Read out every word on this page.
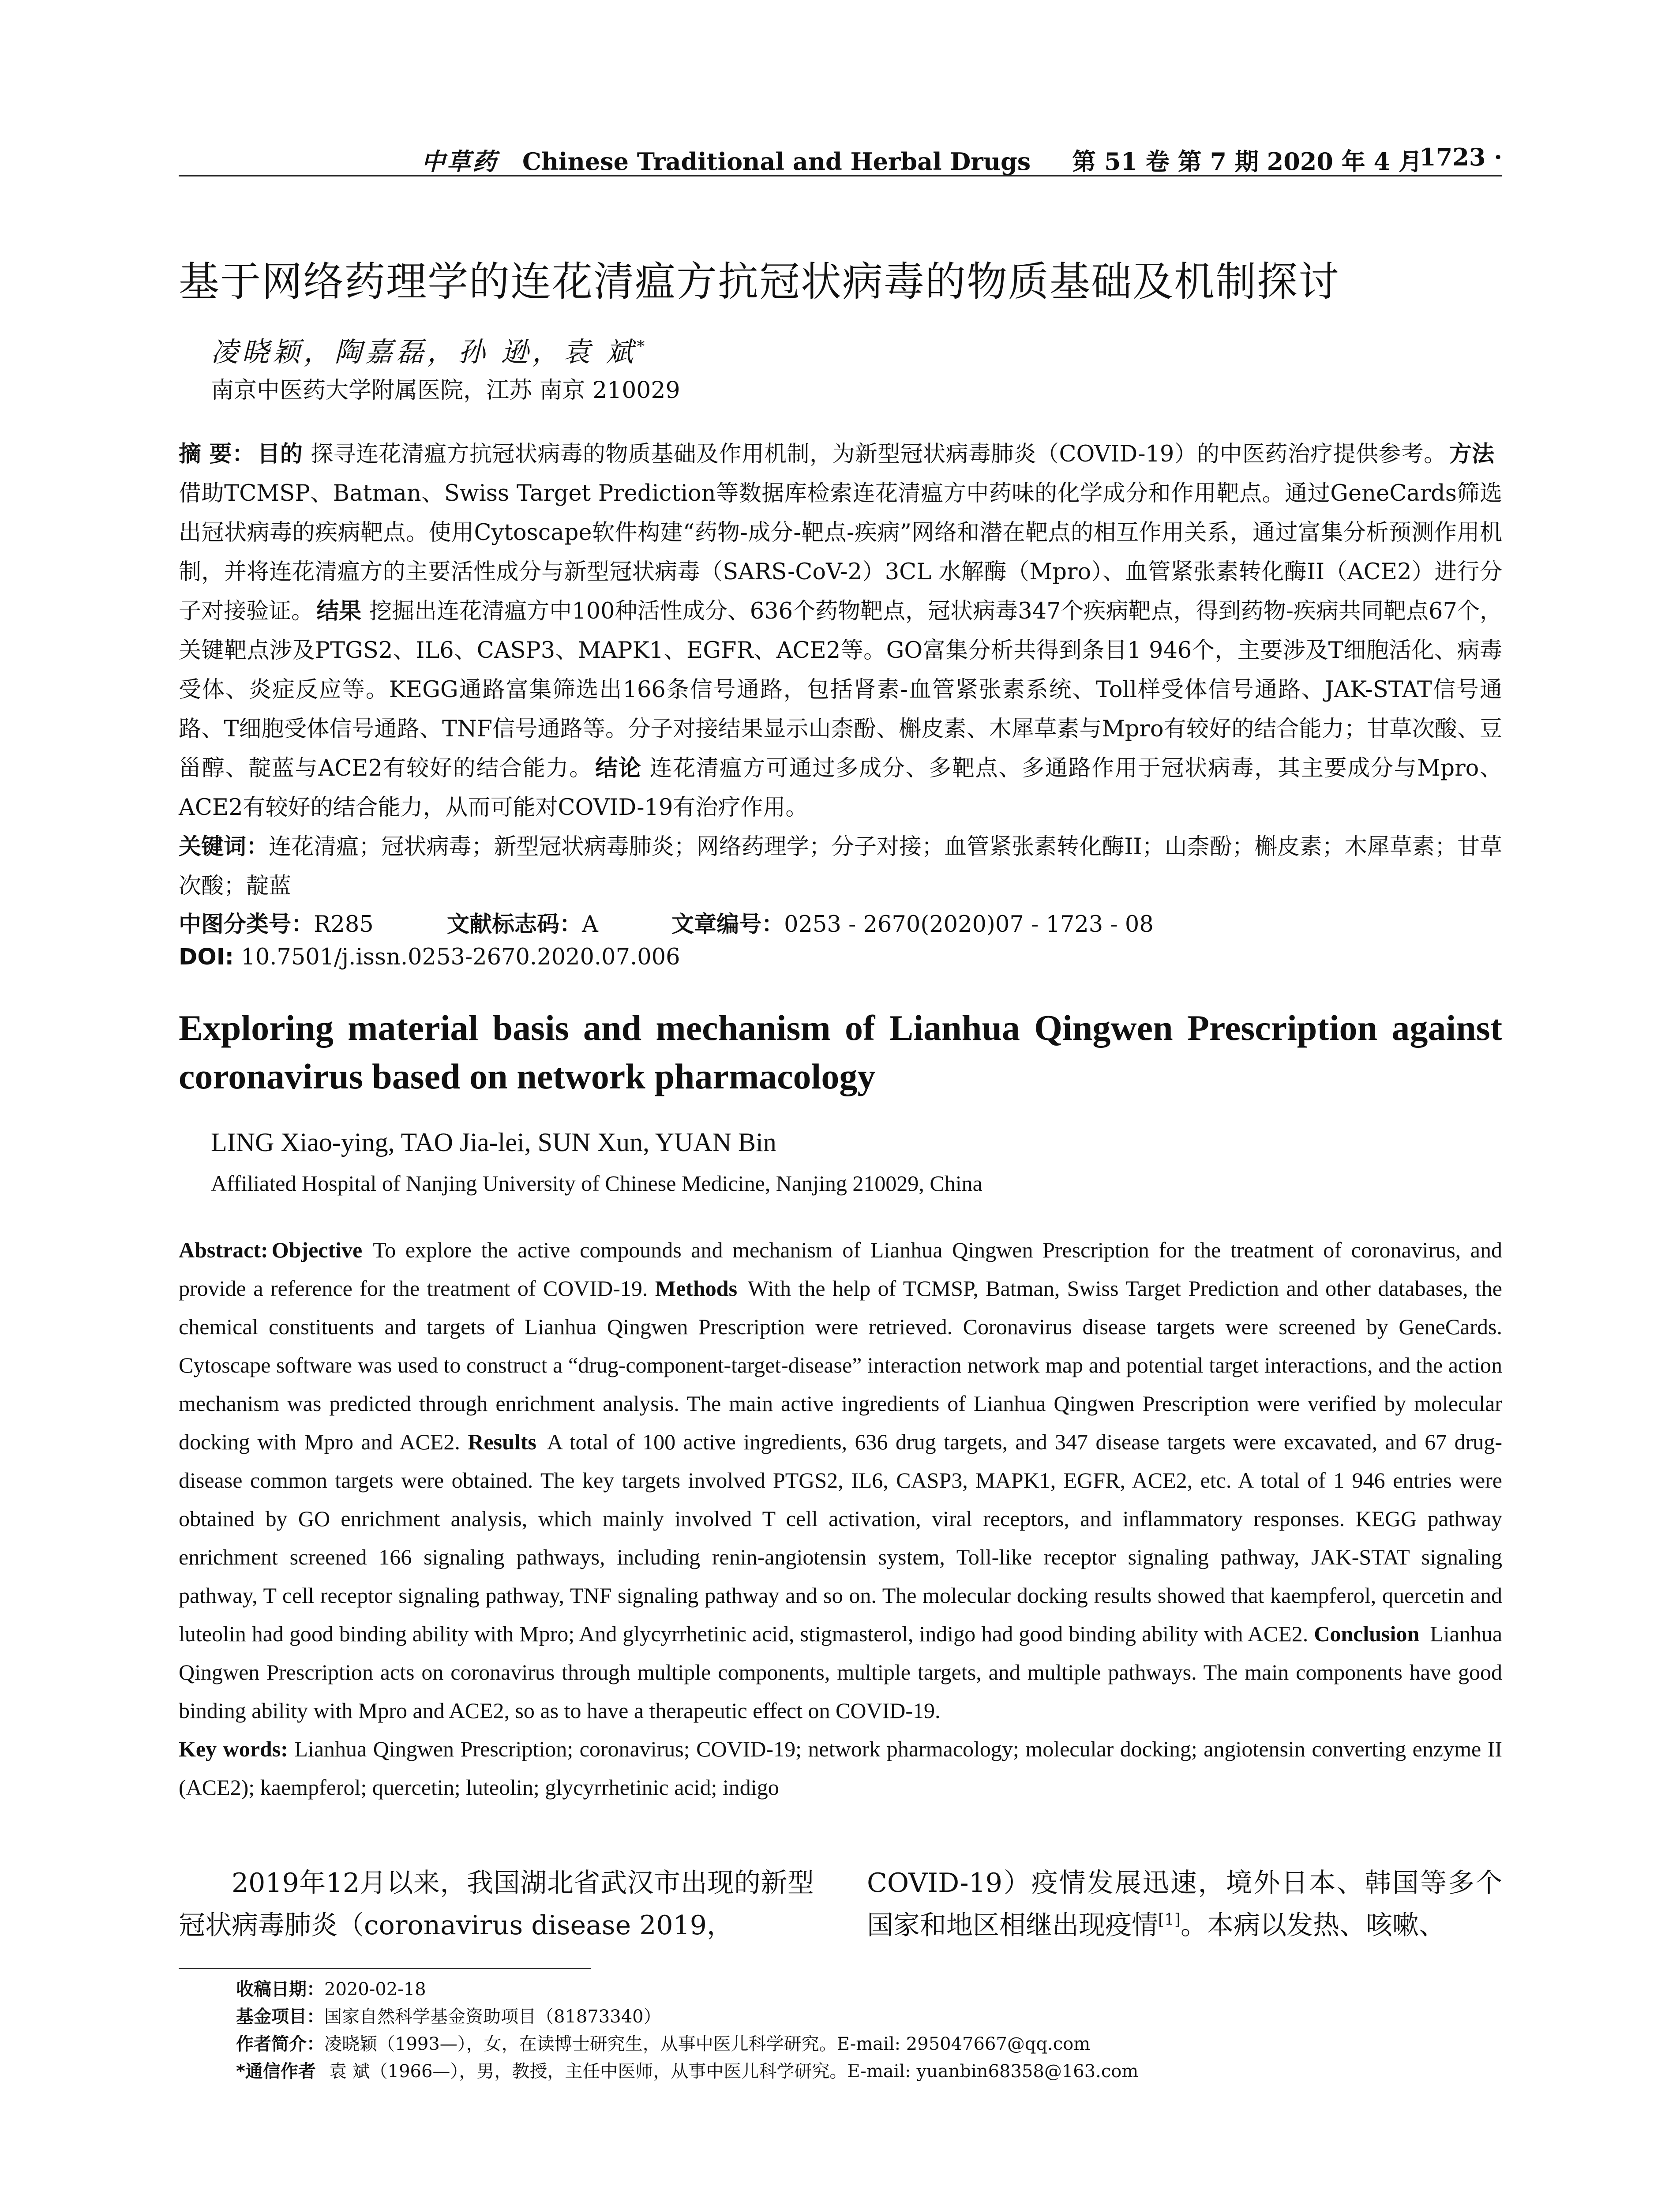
中草药 Chinese Traditional and Herbal Drugs 第 51 卷 第 7 期 2020 年 4 月
· 1723 ·
基于网络药理学的连花清瘟方抗冠状病毒的物质基础及机制探讨
凌晓颖，陶嘉磊，孙 逊，袁 斌*
南京中医药大学附属医院，江苏 南京 210029
摘 要： 目的 探寻连花清瘟方抗冠状病毒的物质基础及作用机制，为新型冠状病毒肺炎（COVID-19）的中医药治疗提供参考。 方法借助TCMSP、Batman、Swiss Target Prediction等数据库检索连花清瘟方中药味的化学成分和作用靶点。通过GeneCards筛选出冠状病毒的疾病靶点。使用Cytoscape软件构建“药物-成分-靶点-疾病”网络和潜在靶点的相互作用关系，通过富集分析预测作用机制，并将连花清瘟方的主要活性成分与新型冠状病毒（SARS-CoV-2）3CL 水解酶（Mpro）、血管紧张素转化酶II（ACE2）进行分子对接验证。 结果 挖掘出连花清瘟方中100种活性成分、636个药物靶点，冠状病毒347个疾病靶点，得到药物-疾病共同靶点67个，关键靶点涉及PTGS2、IL6、CASP3、MAPK1、EGFR、ACE2等。GO富集分析共得到条目1 946个，主要涉及T细胞活化、病毒受体、炎症反应等。KEGG通路富集筛选出166条信号通路，包括肾素-血管紧张素系统、Toll样受体信号通路、JAK-STAT信号通路、T细胞受体信号通路、TNF信号通路等。分子对接结果显示山柰酚、槲皮素、木犀草素与Mpro有较好的结合能力；甘草次酸、豆甾醇、靛蓝与ACE2有较好的结合能力。 结论 连花清瘟方可通过多成分、多靶点、多通路作用于冠状病毒，其主要成分与Mpro、ACE2有较好的结合能力，从而可能对COVID-19有治疗作用。
关键词：连花清瘟；冠状病毒；新型冠状病毒肺炎；网络药理学；分子对接；血管紧张素转化酶II；山柰酚；槲皮素；木犀草素；甘草次酸；靛蓝
中图分类号：R285	文献标志码：A	文章编号：0253 - 2670(2020)07 - 1723 - 08
DOI: 10.7501/j.issn.0253-2670.2020.07.006
Exploring material basis and mechanism of Lianhua Qingwen Prescription against coronavirus based on network pharmacology
LING Xiao-ying, TAO Jia-lei, SUN Xun, YUAN Bin
Affiliated Hospital of Nanjing University of Chinese Medicine, Nanjing 210029, China
Abstract: Objective To explore the active compounds and mechanism of Lianhua Qingwen Prescription for the treatment of coronavirus, and provide a reference for the treatment of COVID-19. Methods With the help of TCMSP, Batman, Swiss Target Prediction and other databases, the chemical constituents and targets of Lianhua Qingwen Prescription were retrieved. Coronavirus disease targets were screened by GeneCards. Cytoscape software was used to construct a “drug-component-target-disease” interaction network map and potential target interactions, and the action mechanism was predicted through enrichment analysis. The main active ingredients of Lianhua Qingwen Prescription were verified by molecular docking with Mpro and ACE2. Results A total of 100 active ingredients, 636 drug targets, and 347 disease targets were excavated, and 67 drug-disease common targets were obtained. The key targets involved PTGS2, IL6, CASP3, MAPK1, EGFR, ACE2, etc. A total of 1 946 entries were obtained by GO enrichment analysis, which mainly involved T cell activation, viral receptors, and inflammatory responses. KEGG pathway enrichment screened 166 signaling pathways, including renin-angiotensin system, Toll-like receptor signaling pathway, JAK-STAT signaling pathway, T cell receptor signaling pathway, TNF signaling pathway and so on. The molecular docking results showed that kaempferol, quercetin and luteolin had good binding ability with Mpro; And glycyrrhetinic acid, stigmasterol, indigo had good binding ability with ACE2. Conclusion Lianhua Qingwen Prescription acts on coronavirus through multiple components, multiple targets, and multiple pathways. The main components have good binding ability with Mpro and ACE2, so as to have a therapeutic effect on COVID-19.
Key words: Lianhua Qingwen Prescription; coronavirus; COVID-19; network pharmacology; molecular docking; angiotensin converting enzyme II (ACE2); kaempferol; quercetin; luteolin; glycyrrhetinic acid; indigo
2019年12月以来，我国湖北省武汉市出现的新型冠状病毒肺炎（coronavirus disease 2019，
COVID-19）疫情发展迅速，境外日本、韩国等多个国家和地区相继出现疫情[1]。本病以发热、咳嗽、
收稿日期：2020-02-18
基金项目：国家自然科学基金资助项目（81873340）
作者简介：凌晓颖（1993—），女，在读博士研究生，从事中医儿科学研究。E-mail: 295047667@qq.com
*通信作者 袁 斌（1966—），男，教授，主任中医师，从事中医儿科学研究。E-mail: yuanbin68358@163.com
